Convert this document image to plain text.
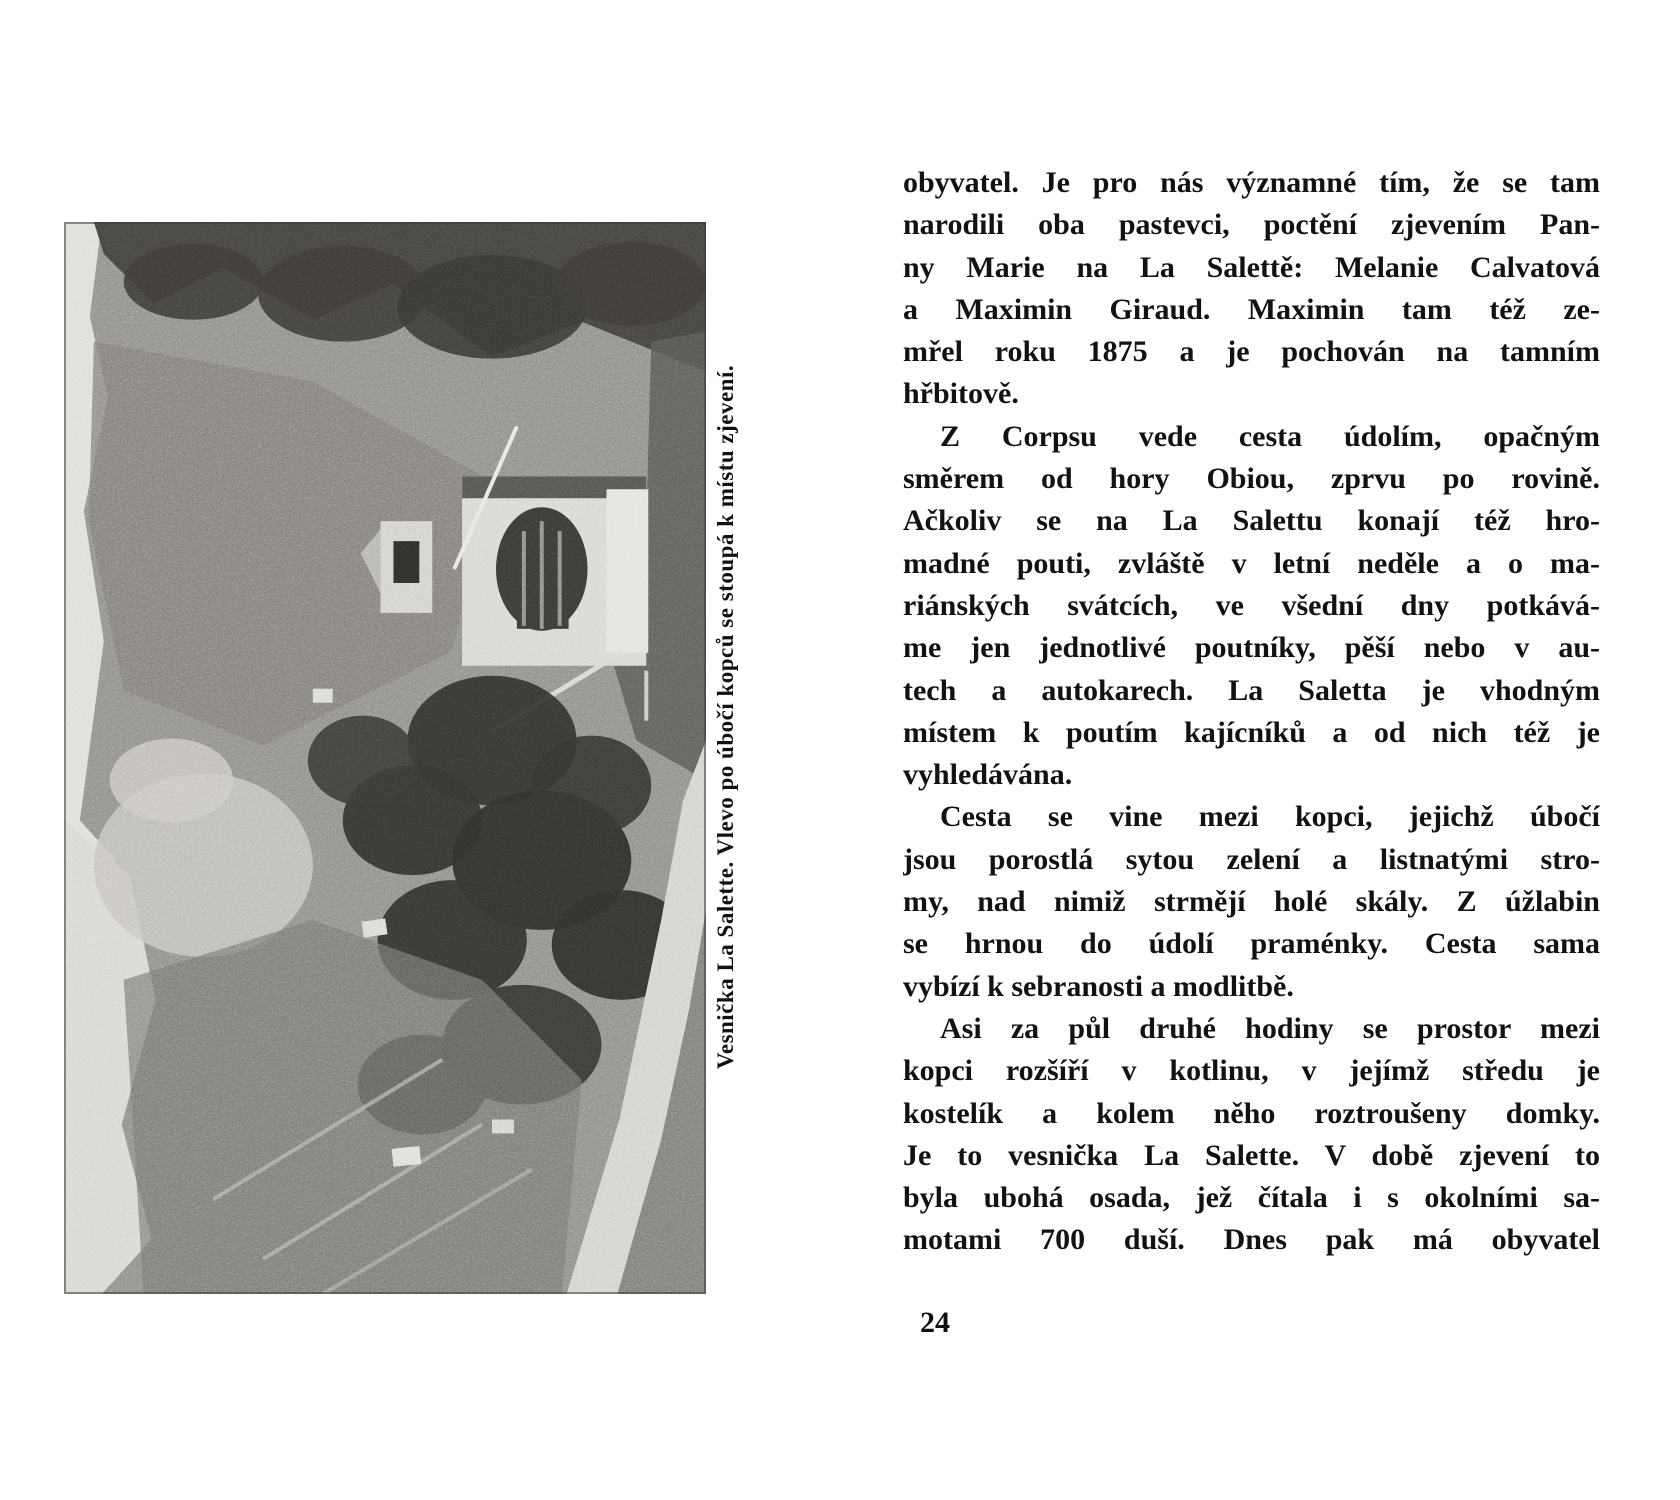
Vesnička La Salette. Vlevo po úbočí kopců se stoupá k místu zjevení.
obyvatel. Je pro nás významné tím, že se tam
narodili oba pastevci, poctění zjevením Pan-
ny Marie na La Salettě: Melanie Calvatová
a Maximin Giraud. Maximin tam též ze-
mřel roku 1875 a je pochován na tamním
hřbitově.
Z Corpsu vede cesta údolím, opačným
směrem od hory Obiou, zprvu po rovině.
Ačkoliv se na La Salettu konají též hro-
madné pouti, zvláště v letní neděle a o ma-
riánských svátcích, ve všední dny potkává-
me jen jednotlivé poutníky, pěší nebo v au-
tech a autokarech. La Saletta je vhodným
místem k poutím kajícníků a od nich též je
vyhledávána.
Cesta se vine mezi kopci, jejichž úbočí
jsou porostlá sytou zelení a listnatými stro-
my, nad nimiž strmějí holé skály. Z úžlabin
se hrnou do údolí praménky. Cesta sama
vybízí k sebranosti a modlitbě.
Asi za půl druhé hodiny se prostor mezi
kopci rozšíří v kotlinu, v jejímž středu je
kostelík a kolem něho roztroušeny domky.
Je to vesnička La Salette. V době zjevení to
byla ubohá osada, jež čítala i s okolními sa-
motami 700 duší. Dnes pak má obyvatel
24
